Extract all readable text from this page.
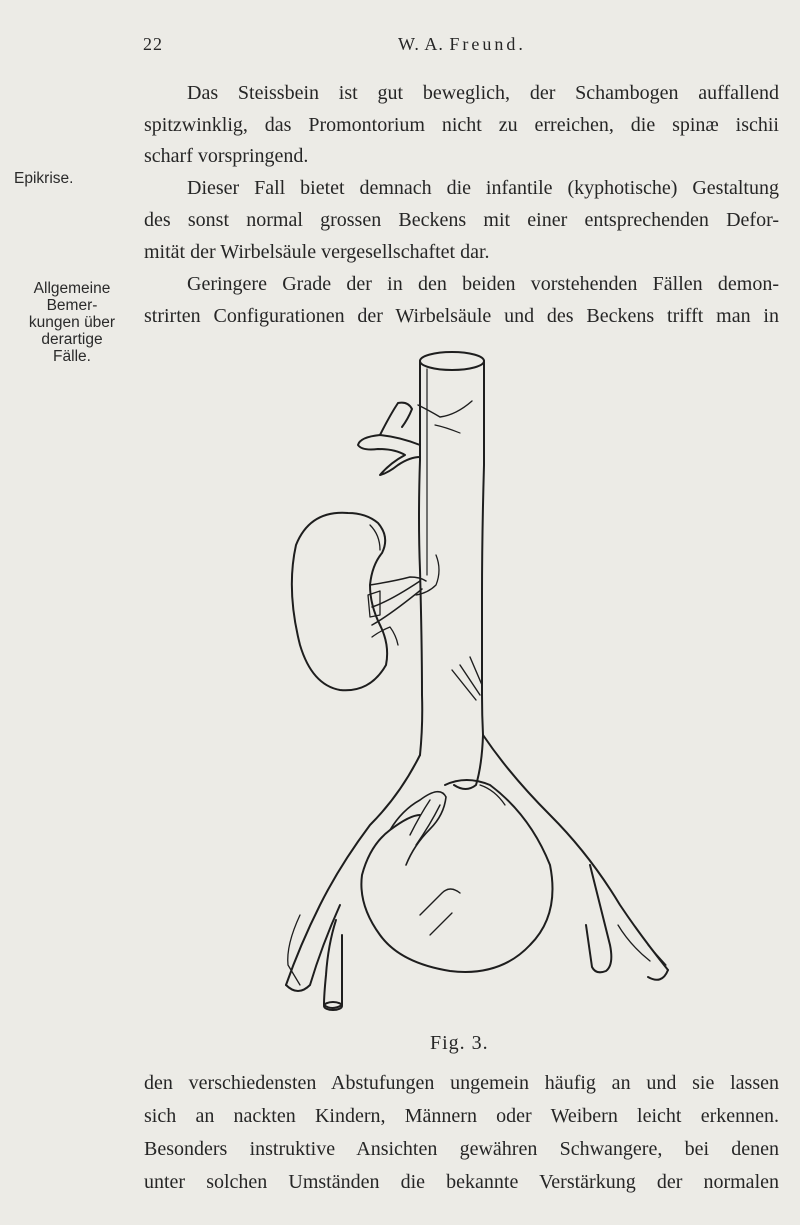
22	W. A. Freund.
Epikrise.
Allgemeine
Bemer-
kungen über
derartige
Fälle.
Das Steissbein ist gut beweglich, der Schambogen auffallend
spitzwinklig, das Promontorium nicht zu erreichen, die spinæ ischii
scharf vorspringend.
Dieser Fall bietet demnach die infantile (kyphotische) Gestaltung
des sonst normal grossen Beckens mit einer entsprechenden Defor-
mität der Wirbelsäule vergesellschaftet dar.
Geringere Grade der in den beiden vorstehenden Fällen demon-
strirten Configurationen der Wirbelsäule und des Beckens trifft man in
Fig. 3.
den verschiedensten Abstufungen ungemein häufig an und sie lassen
sich an nackten Kindern, Männern oder Weibern leicht erkennen.
Besonders instruktive Ansichten gewähren Schwangere, bei denen
unter solchen Umständen die bekannte Verstärkung der normalen
